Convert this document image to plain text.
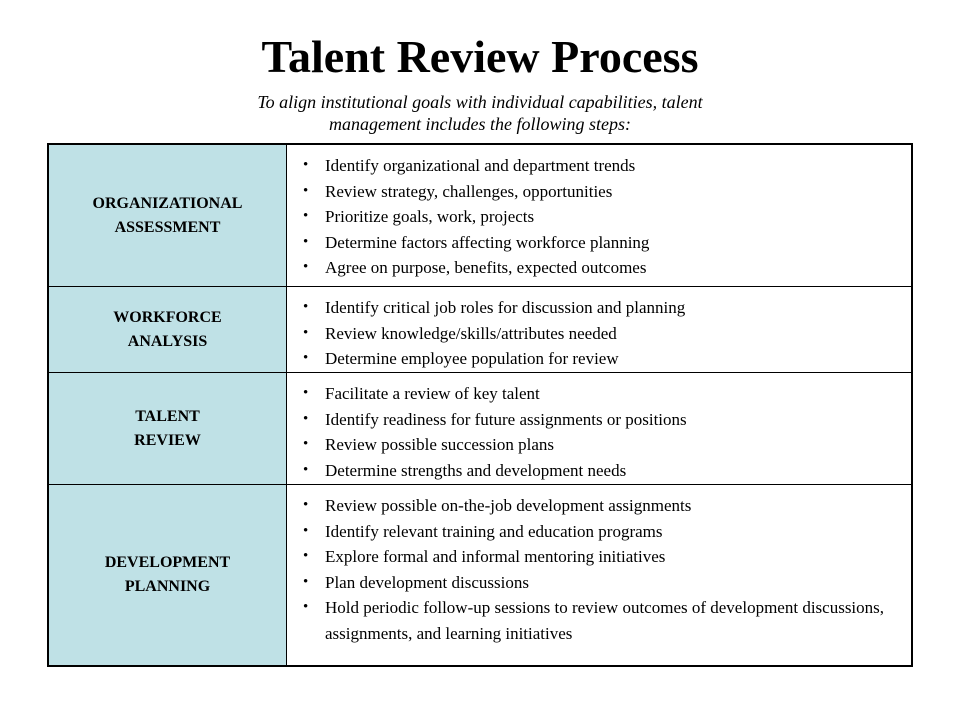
Talent Review Process
To align institutional goals with individual capabilities, talent
management includes the following steps:
ORGANIZATIONAL
ASSESSMENT
• Identify organizational and department trends
• Review strategy, challenges, opportunities
• Prioritize goals, work, projects
• Determine factors affecting workforce planning
• Agree on purpose, benefits, expected outcomes
WORKFORCE
ANALYSIS
• Identify critical job roles for discussion and planning
• Review knowledge/skills/attributes needed
• Determine employee population for review
TALENT
REVIEW
• Facilitate a review of key talent
• Identify readiness for future assignments or positions
• Review possible succession plans
• Determine strengths and development needs
DEVELOPMENT
PLANNING
• Review possible on-the-job development assignments
• Identify relevant training and education programs
• Explore formal and informal mentoring initiatives
• Plan development discussions
• Hold periodic follow-up sessions to review outcomes of development discussions, assignments, and learning initiatives
